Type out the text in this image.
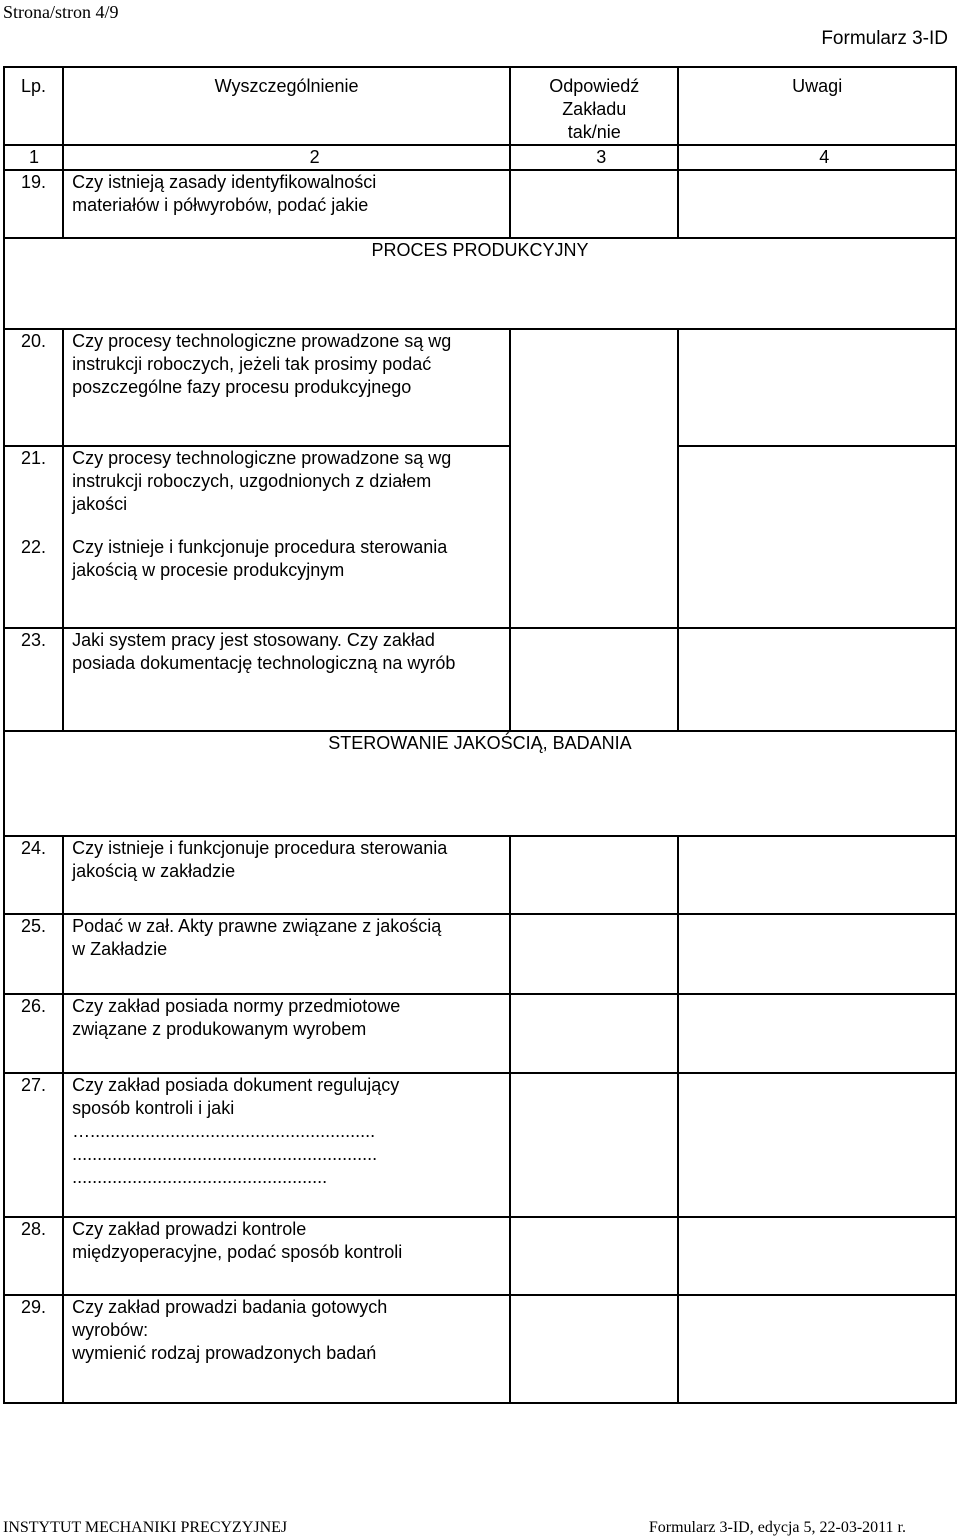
Strona/stron 4/9
Formularz 3-ID
Lp.	Wyszczególnienie	Odpowiedź Zakładu tak/nie	Uwagi
1	2	3	4
19.	Czy istnieją zasady identyfikowalności
materiałów i półwyrobów, podać jakie		

PROCES PRODUKCYJNY			
20.	Czy procesy technologiczne prowadzone są wg
instrukcji roboczych, jeżeli tak prosimy podać
poszczególne fazy procesu produkcyjnego		

21.	Czy procesy technologiczne prowadzone są wg
instrukcji roboczych, uzgodnionych z działem
jakości		

22.	Czy istnieje i funkcjonuje procedura sterowania
jakością w procesie produkcyjnym		

23.	Jaki system pracy jest stosowany. Czy zakład
posiada dokumentację technologiczną na wyrób		

STEROWANIE JAKOŚCIĄ, BADANIA			
24.	Czy istnieje i funkcjonuje procedura sterowania
jakością w zakładzie		

25.	Podać w zał. Akty prawne związane z jakością
w Zakładzie		

26.	Czy zakład posiada normy przedmiotowe
związane z produkowanym wyrobem		

27.	Czy zakład posiada dokument regulujący
sposób kontroli i jaki
….........................................................
.............................................................
...................................................		

28.	Czy zakład prowadzi kontrole
międzyoperacyjne, podać sposób kontroli		

29.	Czy zakład prowadzi badania gotowych
wyrobów:
wymienić rodzaj prowadzonych badań		

INSTYTUT MECHANIKI PRECYZYJNEJ	Formularz 3-ID, edycja 5, 22-03-2011 r.
